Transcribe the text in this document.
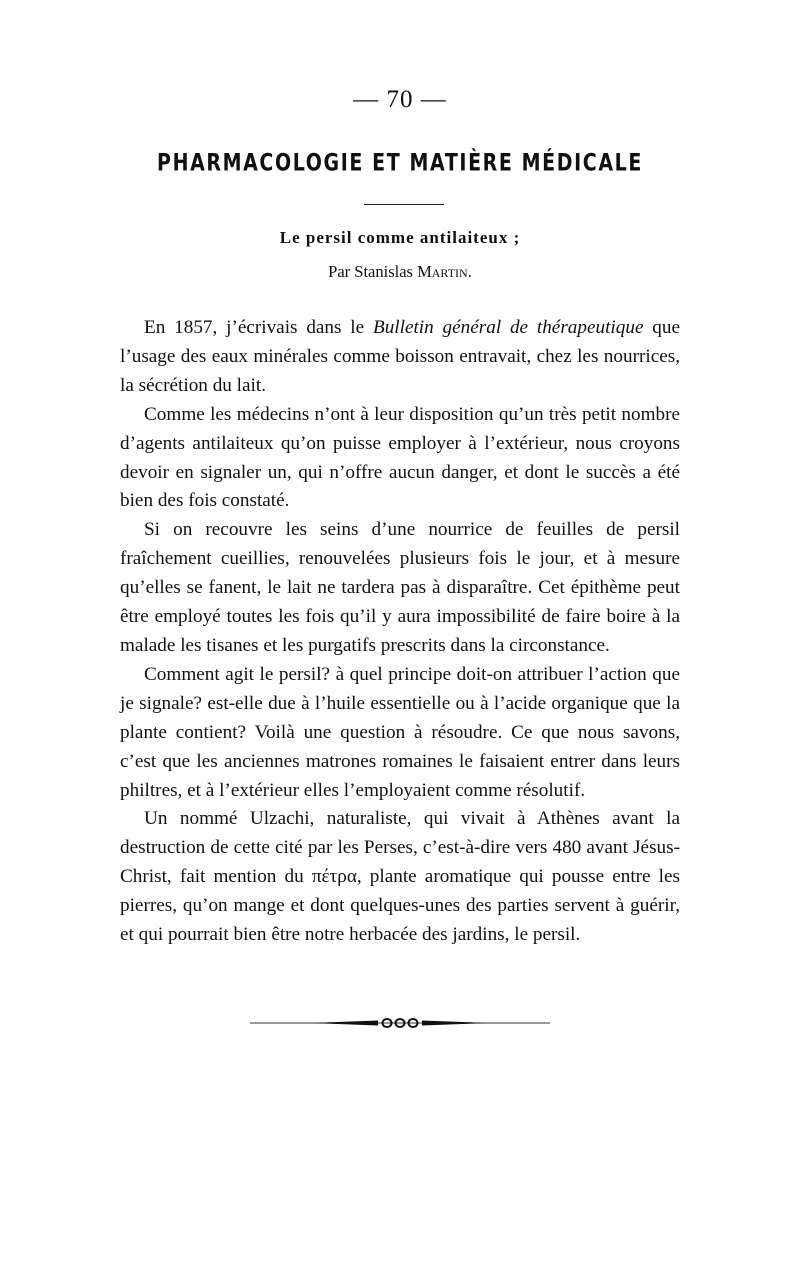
— 70 —
PHARMACOLOGIE ET MATIÈRE MÉDICALE
Le persil comme antilaiteux ;
Par Stanislas Martin.

En 1857, j’écrivais dans le Bulletin général de thérapeutique que l’usage des eaux minérales comme boisson entravait, chez les nourrices, la sécrétion du lait.

Comme les médecins n’ont à leur disposition qu’un très petit nombre d’agents antilaiteux qu’on puisse employer à l’extérieur, nous croyons devoir en signaler un, qui n’offre aucun danger, et dont le succès a été bien des fois constaté.

Si on recouvre les seins d’une nourrice de feuilles de persil fraîchement cueillies, renouvelées plusieurs fois le jour, et à mesure qu’elles se fanent, le lait ne tardera pas à disparaître. Cet épithème peut être employé toutes les fois qu’il y aura impossibilité de faire boire à la malade les tisanes et les purgatifs prescrits dans la circonstance.

Comment agit le persil? à quel principe doit-on attribuer l’action que je signale? est-elle due à l’huile essentielle ou à l’acide organique que la plante contient? Voilà une question à résoudre. Ce que nous savons, c’est que les anciennes matrones romaines le faisaient entrer dans leurs philtres, et à l’extérieur elles l’employaient comme résolutif.

Un nommé Ulzachi, naturaliste, qui vivait à Athènes avant la destruction de cette cité par les Perses, c’est-à-dire vers 480 avant Jésus-Christ, fait mention du πέτρα, plante aromatique qui pousse entre les pierres, qu’on mange et dont quelques-unes des parties servent à guérir, et qui pourrait bien être notre herbacée des jardins, le persil.
